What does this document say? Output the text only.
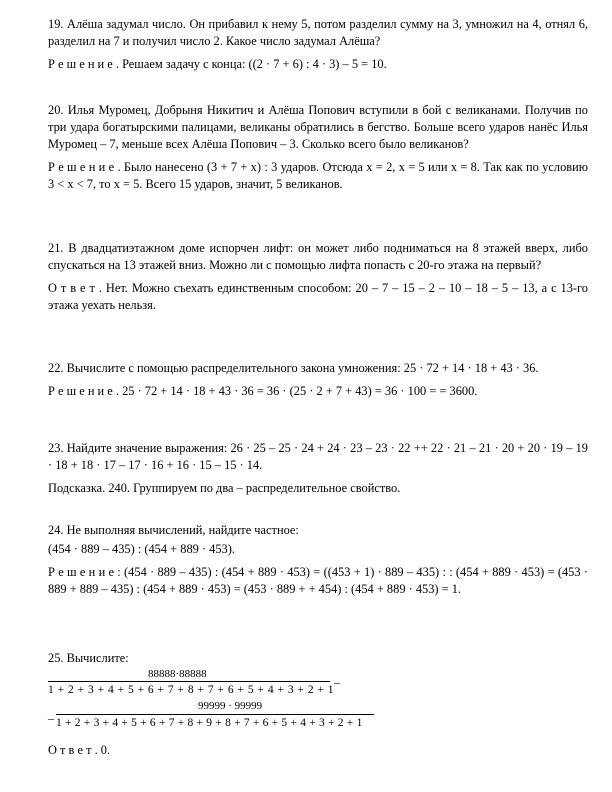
19. Алёша задумал число. Он прибавил к нему 5, потом разделил сумму на 3, умножил на 4, отнял 6, разделил на 7 и получил число 2. Какое число задумал Алёша?

Р е ш е н и е . Решаем задачу с конца: ((2 · 7 + 6) : 4 · 3) – 5 = 10.

20. Илья Муромец, Добрыня Никитич и Алёша Попович вступили в бой с великанами. Получив по три удара богатырскими палицами, великаны обратились в бегство. Больше всего ударов нанёс Илья Муромец – 7, меньше всех Алёша Попович – 3. Сколько всего было великанов?

Р е ш е н и е . Было нанесено (3 + 7 + x) : 3 ударов. Отсюда x = 2, x = 5 или x = 8. Так как по условию 3 < x < 7, то x = 5. Всего 15 ударов, значит, 5 великанов.

21. В двадцатиэтажном доме испорчен лифт: он может либо подниматься на 8 этажей вверх, либо спускаться на 13 этажей вниз. Можно ли с помощью лифта попасть с 20-го этажа на первый?

О т в е т . Нет. Можно съехать единственным способом: 20 – 7 – 15 – 2 – 10 – 18 – 5 – 13, а с 13-го этажа уехать нельзя.

22. Вычислите с помощью распределительного закона умножения: 25 · 72 + 14 · 18 + 43 · 36.

Р е ш е н и е . 25 · 72 + 14 · 18 + 43 · 36 = 36 · (25 · 2 + 7 + 43) = 36 · 100 = = 3600.

23. Найдите значение выражения: 26 · 25 – 25 · 24 + 24 · 23 – 23 · 22 ++ 22 · 21 – 21 · 20 + 20 · 19 – 19 · 18 + 18 · 17 – 17 · 16 + 16 · 15 – 15 · 14.

Подсказка. 240. Группируем по два – распределительное свойство.

24. Не выполняя вычислений, найдите частное:

(454 · 889 – 435) : (454 + 889 · 453).

Р е ш е н и е : (454 · 889 – 435) : (454 + 889 · 453) = ((453 + 1) · 889 – 435) : : (454 + 889 · 453) = (453 · 889 + 889 – 435) : (454 + 889 · 453) = (453 · 889 + + 454) : (454 + 889 · 453) = 1.

25. Вычислите:

88888·88888
–
1 + 2 + 3 + 4 + 5 + 6 + 7 + 8 + 7 + 6 + 5 + 4 + 3 + 2 + 1
–
99999 · 99999
1 + 2 + 3 + 4 + 5 + 6 + 7 + 8 + 9 + 8 + 7 + 6 + 5 + 4 + 3 + 2 + 1

О т в е т . 0.
